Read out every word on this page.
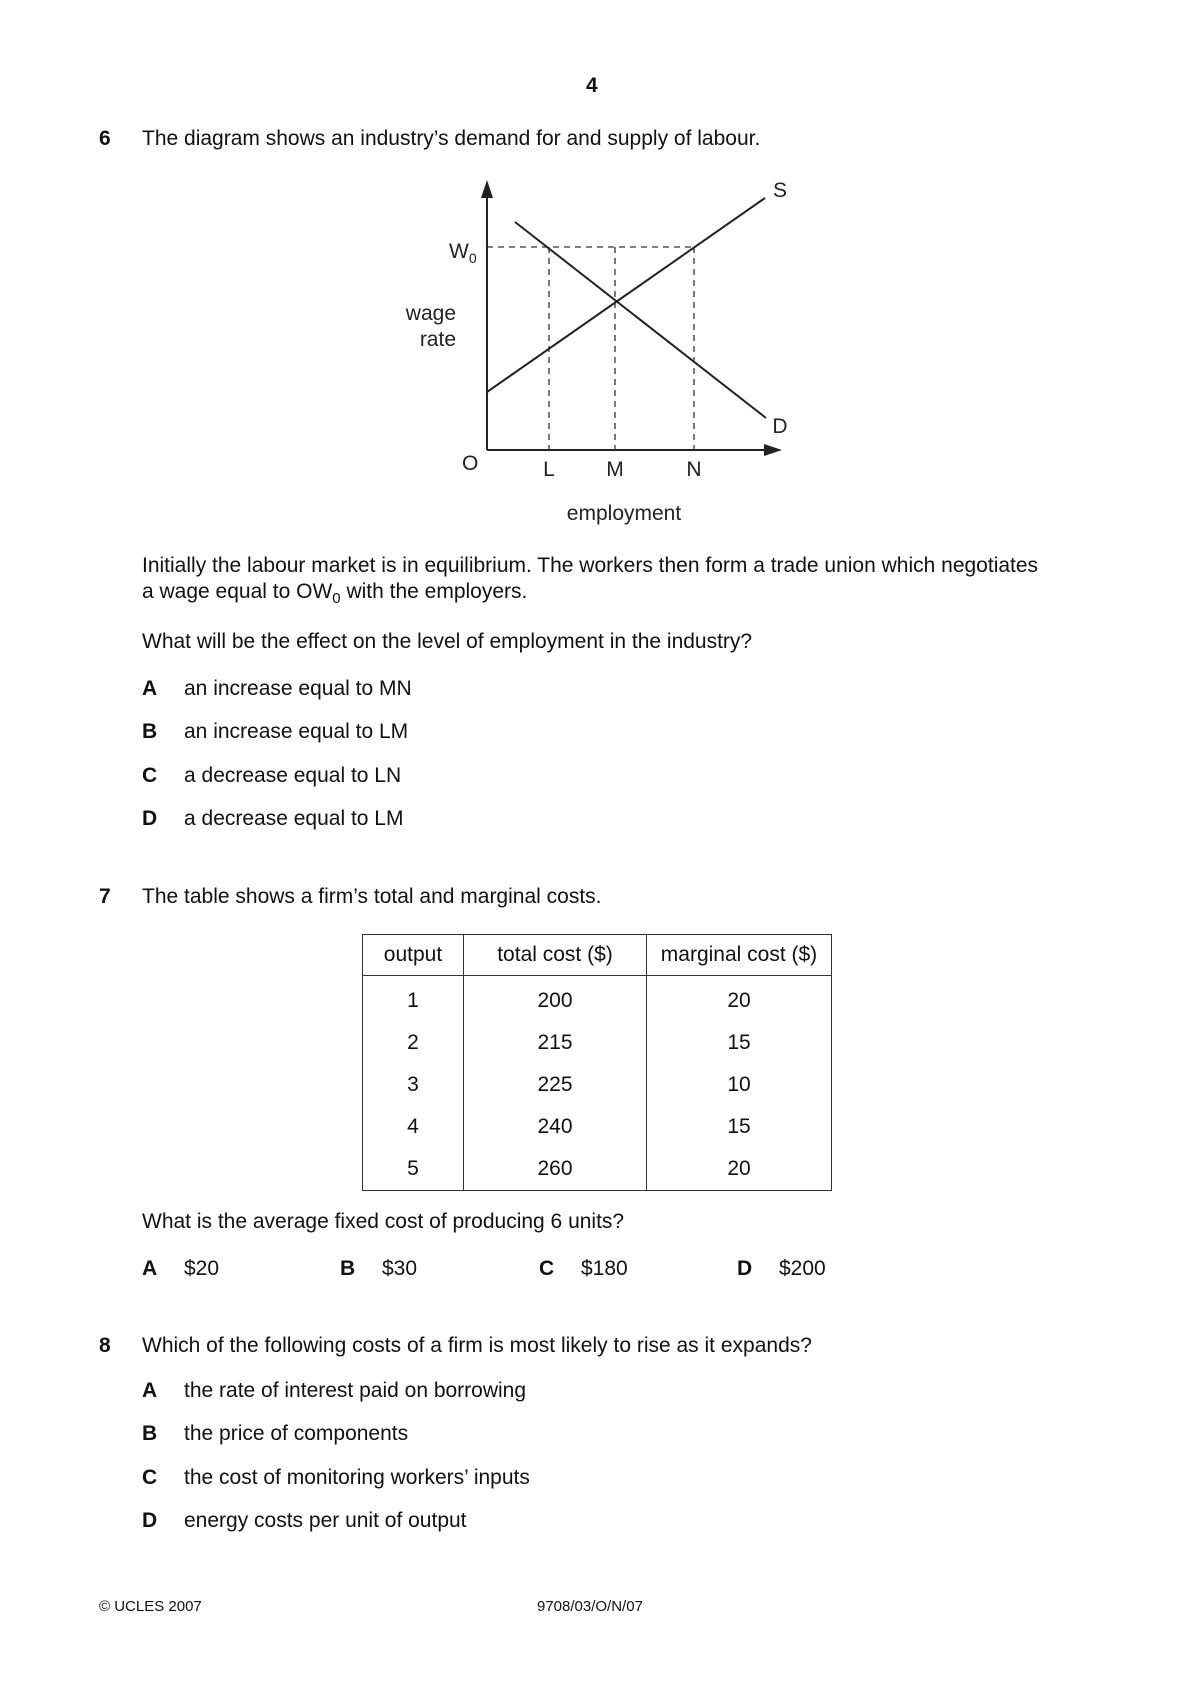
4
6 The diagram shows an industry’s demand for and supply of labour.
$W_0$
wage
rate
O	L M	N
S
D
employment
Initially the labour market is in equilibrium. The workers then form a trade union which negotiates
a wage equal to $OW_0$ with the employers.
What will be the effect on the level of employment in the industry?
A an increase equal to MN
B an increase equal to LM
C a decrease equal to LN
D a decrease equal to LM
7 The table shows a firm’s total and marginal costs.
output	total cost ($)	marginal cost ($)
1	200	20
2	215	15
3	225	10
4	240	15
5	260	20
What is the average fixed cost of producing 6 units?
A $20	B $30	C $180	D $200
8 Which of the following costs of a firm is most likely to rise as it expands?
A the rate of interest paid on borrowing
B the price of components
C the cost of monitoring workers’ inputs
D energy costs per unit of output
© UCLES 2007	9708/03/O/N/07
